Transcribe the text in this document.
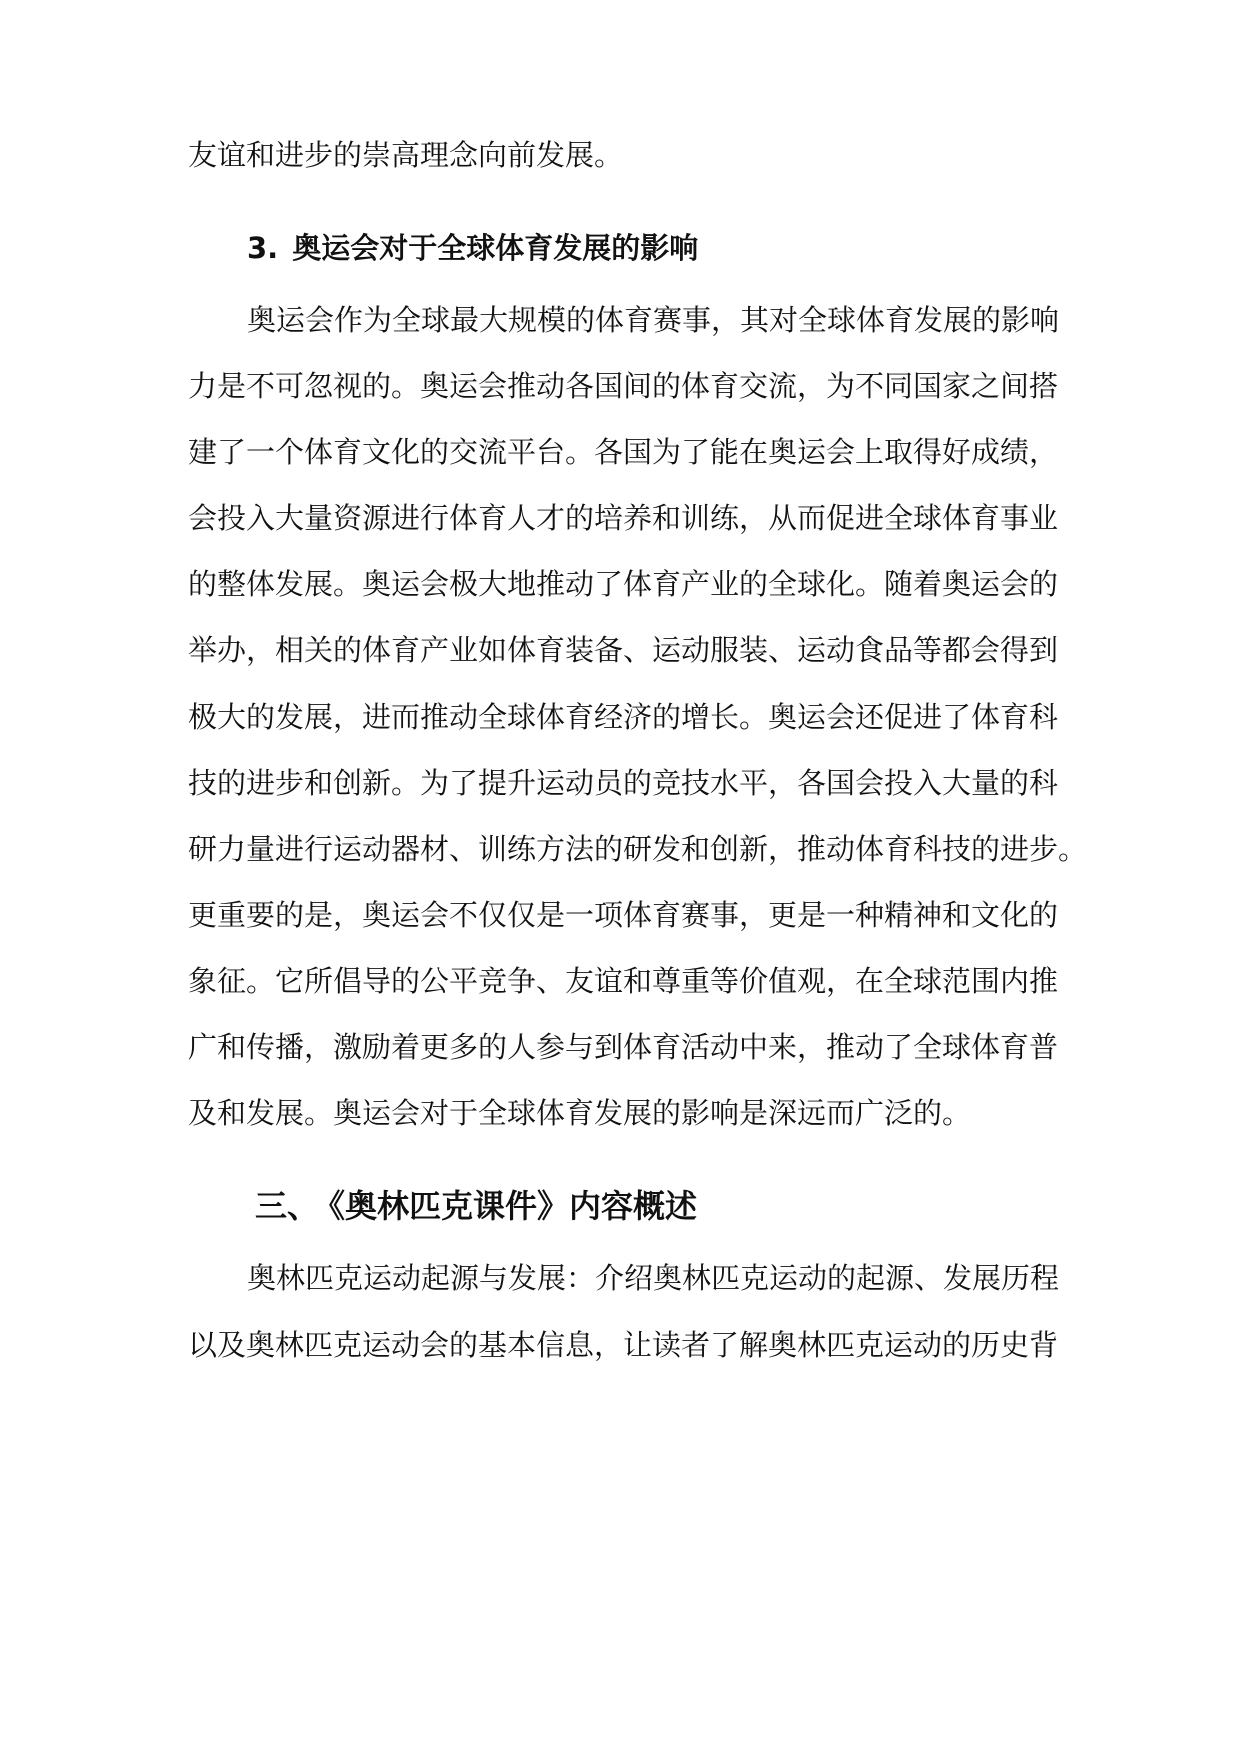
友谊和进步的崇高理念向前发展。
3. 奥运会对于全球体育发展的影响
奥运会作为全球最大规模的体育赛事，其对全球体育发展的影响
力是不可忽视的。奥运会推动各国间的体育交流，为不同国家之间搭
建了一个体育文化的交流平台。各国为了能在奥运会上取得好成绩，
会投入大量资源进行体育人才的培养和训练，从而促进全球体育事业
的整体发展。奥运会极大地推动了体育产业的全球化。随着奥运会的
举办，相关的体育产业如体育装备、运动服装、运动食品等都会得到
极大的发展，进而推动全球体育经济的增长。奥运会还促进了体育科
技的进步和创新。为了提升运动员的竞技水平，各国会投入大量的科
研力量进行运动器材、训练方法的研发和创新，推动体育科技的进步。
更重要的是，奥运会不仅仅是一项体育赛事，更是一种精神和文化的
象征。它所倡导的公平竞争、友谊和尊重等价值观，在全球范围内推
广和传播，激励着更多的人参与到体育活动中来，推动了全球体育普
及和发展。奥运会对于全球体育发展的影响是深远而广泛的。
三、 《奥林匹克课件》内容概述
奥林匹克运动起源与发展：介绍奥林匹克运动的起源、发展历程
以及奥林匹克运动会的基本信息，让读者了解奥林匹克运动的历史背
